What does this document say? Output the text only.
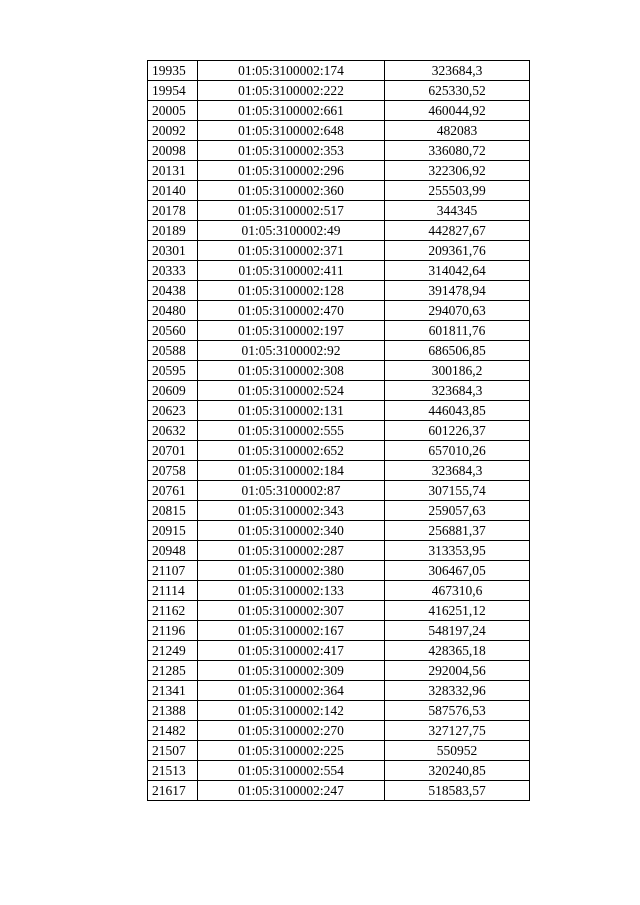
19935	01:05:3100002:174	323684,3
19954	01:05:3100002:222	625330,52
20005	01:05:3100002:661	460044,92
20092	01:05:3100002:648	482083
20098	01:05:3100002:353	336080,72
20131	01:05:3100002:296	322306,92
20140	01:05:3100002:360	255503,99
20178	01:05:3100002:517	344345
20189	01:05:3100002:49	442827,67
20301	01:05:3100002:371	209361,76
20333	01:05:3100002:411	314042,64
20438	01:05:3100002:128	391478,94
20480	01:05:3100002:470	294070,63
20560	01:05:3100002:197	601811,76
20588	01:05:3100002:92	686506,85
20595	01:05:3100002:308	300186,2
20609	01:05:3100002:524	323684,3
20623	01:05:3100002:131	446043,85
20632	01:05:3100002:555	601226,37
20701	01:05:3100002:652	657010,26
20758	01:05:3100002:184	323684,3
20761	01:05:3100002:87	307155,74
20815	01:05:3100002:343	259057,63
20915	01:05:3100002:340	256881,37
20948	01:05:3100002:287	313353,95
21107	01:05:3100002:380	306467,05
21114	01:05:3100002:133	467310,6
21162	01:05:3100002:307	416251,12
21196	01:05:3100002:167	548197,24
21249	01:05:3100002:417	428365,18
21285	01:05:3100002:309	292004,56
21341	01:05:3100002:364	328332,96
21388	01:05:3100002:142	587576,53
21482	01:05:3100002:270	327127,75
21507	01:05:3100002:225	550952
21513	01:05:3100002:554	320240,85
21617	01:05:3100002:247	518583,57
